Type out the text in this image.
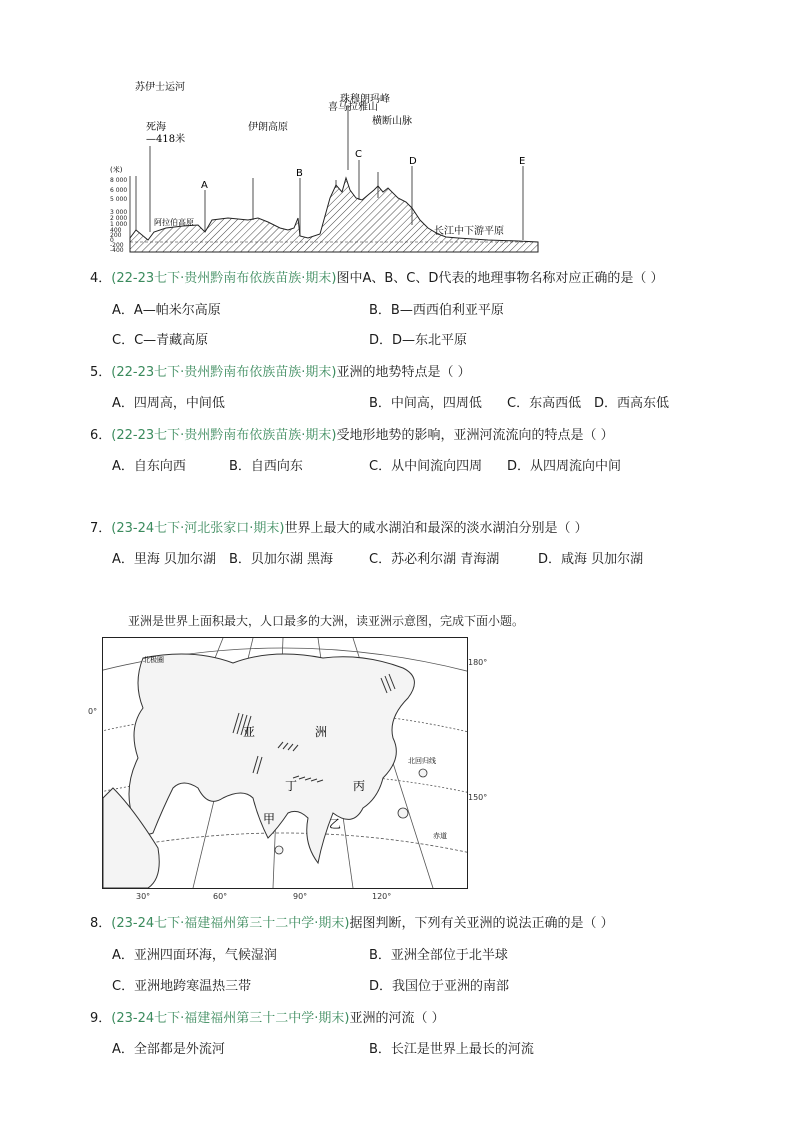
苏伊士运河
死海
—418米
伊朗高原
喜马拉雅山
珠穆朗玛峰
横断山脉
A
B
C
D	E
(米)
8 000
6 000
5 000
3 000
2 000
1 000
400
200
0
-200
-400
阿拉伯高原
长江中下游平原
4．(22-23七下·贵州黔南布依族苗族·期末)图中A、B、C、D代表的地理事物名称对应正确的是（ ）
A．A—帕米尔高原	B．B—西西伯利亚平原
C．C—青藏高原	D．D—东北平原
5．(22-23七下·贵州黔南布依族苗族·期末)亚洲的地势特点是（ ）
A．四周高，中间低	B．中间高，四周低 C．东高西低 D．西高东低
6．(22-23七下·贵州黔南布依族苗族·期末)受地形地势的影响，亚洲河流流向的特点是（ ）
A．自东向西	B．自西向东	C．从中间流向四周 D．从四周流向中间
7．(23-24七下·河北张家口·期末)世界上最大的咸水湖泊和最深的淡水湖泊分别是（ ）
A．里海 贝加尔湖 B．贝加尔湖 黑海	C．苏必利尔湖 青海湖	D．咸海 贝加尔湖
亚洲是世界上面积最大，人口最多的大洲，读亚洲示意图，完成下面小题。
亚	洲
丁	丙
甲	乙
北极圈
北回归线
赤道
0°
180°
150°
30°	60°	90°	120°
8．(23-24七下·福建福州第三十二中学·期末)据图判断，下列有关亚洲的说法正确的是（ ）
A．亚洲四面环海，气候湿润	B．亚洲全部位于北半球
C．亚洲地跨寒温热三带	D．我国位于亚洲的南部
9．(23-24七下·福建福州第三十二中学·期末)亚洲的河流（ ）
A．全部都是外流河	B．长江是世界上最长的河流
